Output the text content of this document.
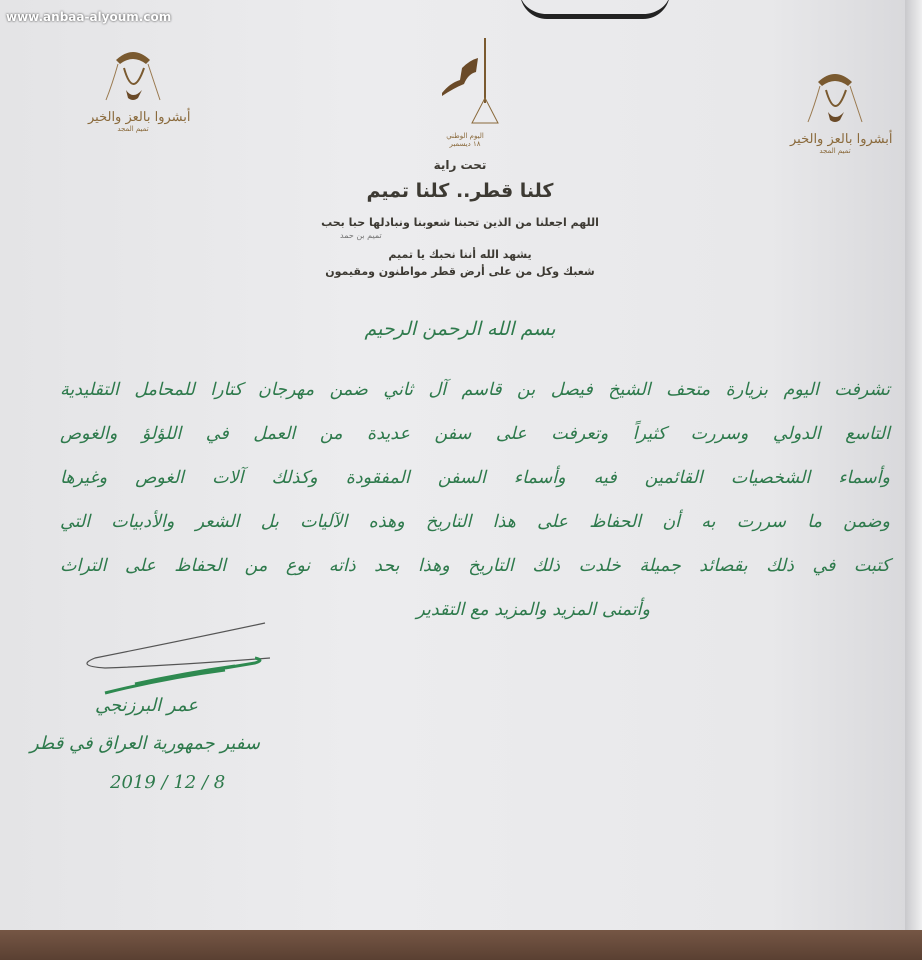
www.anbaa-alyoum.com
أبشروا بالعز والخير
تميم المجد
اليوم الوطني
١٨ ديسمبر	أبشروا بالعز والخير
تميم المجد
تحت راية
كلنا قطر.. كلنا تميم
اللهم اجعلنا من الذين تحبنا شعوبنا ونبادلها حبا بحب
تميم بن حمد
يشهد الله أننا نحبك يا تميم
شعبك وكل من على أرض قطر مواطنون ومقيمون
بسم الله الرحمن الرحيم
تشرفت اليوم بزيارة متحف الشيخ فيصل بن قاسم آل ثاني ضمن مهرجان كتارا للمحامل التقليدية
التاسع الدولي وسررت كثيراً وتعرفت على سفن عديدة من العمل في اللؤلؤ والغوص
وأسماء الشخصيات القائمين فيه وأسماء السفن المفقودة وكذلك آلات الغوص وغيرها
وضمن ما سررت به أن الحفاظ على هذا التاريخ وهذه الآليات بل الشعر والأدبيات التي
كتبت في ذلك بقصائد جميلة خلدت ذلك التاريخ وهذا بحد ذاته نوع من الحفاظ على التراث
وأتمنى المزيد والمزيد مع التقدير
عمر البرزنجي
سفير جمهورية العراق في قطر
2019 / 12 / 8
